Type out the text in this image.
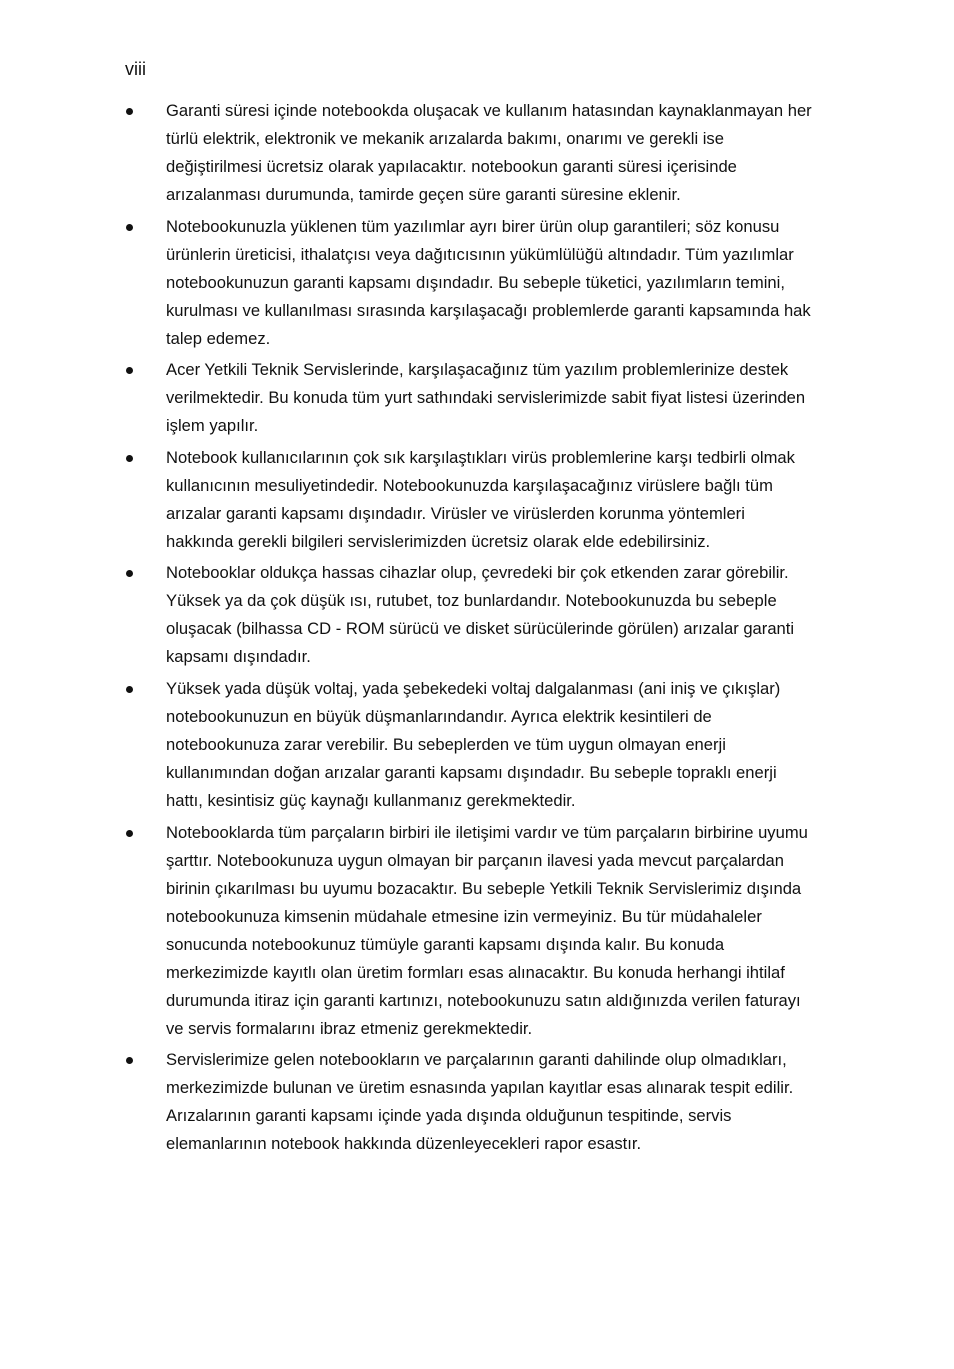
viii
Garanti süresi içinde notebookda oluşacak ve kullanım hatasından kaynaklanmayan her türlü elektrik, elektronik ve mekanik arızalarda bakımı, onarımı ve gerekli ise değiştirilmesi ücretsiz olarak yapılacaktır. notebookun garanti süresi içerisinde arızalanması durumunda, tamirde geçen süre garanti süresine eklenir.
Notebookunuzla yüklenen tüm yazılımlar ayrı birer ürün olup garantileri; söz konusu ürünlerin üreticisi, ithalatçısı veya dağıtıcısının yükümlülüğü altındadır. Tüm yazılımlar notebookunuzun garanti kapsamı dışındadır. Bu sebeple tüketici, yazılımların temini, kurulması ve kullanılması sırasında karşılaşacağı problemlerde garanti kapsamında hak talep edemez.
Acer Yetkili Teknik Servislerinde, karşılaşacağınız tüm yazılım problemlerinize destek verilmektedir. Bu konuda tüm yurt sathındaki servislerimizde sabit fiyat listesi üzerinden işlem yapılır.
Notebook kullanıcılarının çok sık karşılaştıkları virüs problemlerine karşı tedbirli olmak kullanıcının mesuliyetindedir. Notebookunuzda karşılaşacağınız virüslere bağlı tüm arızalar garanti kapsamı dışındadır. Virüsler ve virüslerden korunma yöntemleri hakkında gerekli bilgileri servislerimizden ücretsiz olarak elde edebilirsiniz.
Notebooklar oldukça hassas cihazlar olup, çevredeki bir çok etkenden zarar görebilir. Yüksek ya da çok düşük ısı, rutubet, toz bunlardandır. Notebookunuzda bu sebeple oluşacak (bilhassa CD - ROM sürücü ve disket sürücülerinde görülen) arızalar garanti kapsamı dışındadır.
Yüksek yada düşük voltaj, yada şebekedeki voltaj dalgalanması (ani iniş ve çıkışlar) notebookunuzun en büyük düşmanlarındandır. Ayrıca elektrik kesintileri de notebookunuza zarar verebilir. Bu sebeplerden ve tüm uygun olmayan enerji kullanımından doğan arızalar garanti kapsamı dışındadır. Bu sebeple topraklı enerji hattı, kesintisiz güç kaynağı kullanmanız gerekmektedir.
Notebooklarda tüm parçaların birbiri ile iletişimi vardır ve tüm parçaların birbirine uyumu şarttır. Notebookunuza uygun olmayan bir parçanın ilavesi yada mevcut parçalardan birinin çıkarılması bu uyumu bozacaktır. Bu sebeple Yetkili Teknik Servislerimiz dışında notebookunuza kimsenin müdahale etmesine izin vermeyiniz. Bu tür müdahaleler sonucunda notebookunuz tümüyle garanti kapsamı dışında kalır. Bu konuda merkezimizde kayıtlı olan üretim formları esas alınacaktır. Bu konuda herhangi ihtilaf durumunda itiraz için garanti kartınızı, notebookunuzu satın aldığınızda verilen faturayı ve servis formalarını ibraz etmeniz gerekmektedir.
Servislerimize gelen notebookların ve parçalarının garanti dahilinde olup olmadıkları, merkezimizde bulunan ve üretim esnasında yapılan kayıtlar esas alınarak tespit edilir. Arızalarının garanti kapsamı içinde yada dışında olduğunun tespitinde, servis elemanlarının notebook hakkında düzenleyecekleri rapor esastır.
